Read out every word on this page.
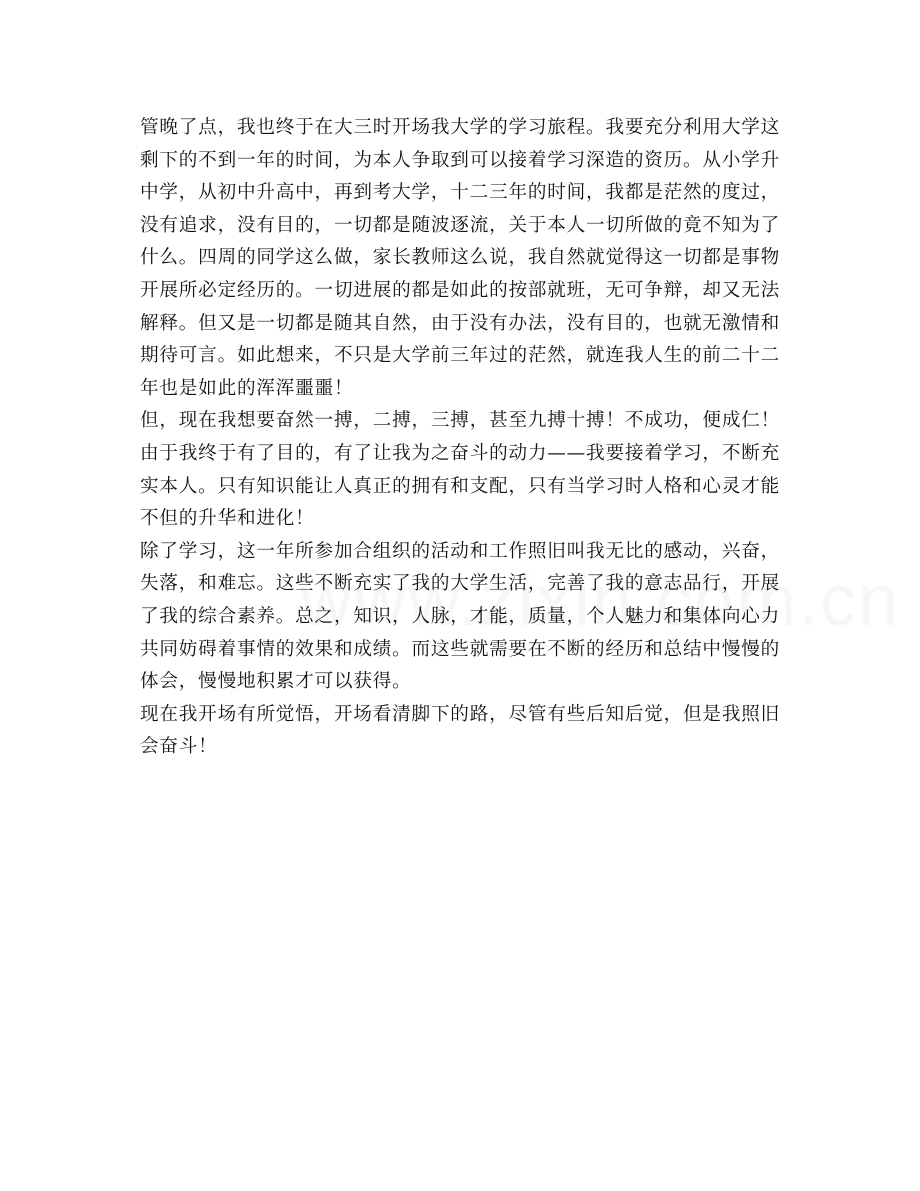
管晚了点，我也终于在大三时开场我大学的学习旅程。我要充分利用大学这剩下的不到一年的时间，为本人争取到可以接着学习深造的资历。从小学升中学，从初中升高中，再到考大学，十二三年的时间，我都是茫然的度过，没有追求，没有目的，一切都是随波逐流，关于本人一切所做的竟不知为了什么。四周的同学这么做，家长教师这么说，我自然就觉得这一切都是事物开展所必定经历的。一切进展的都是如此的按部就班，无可争辩，却又无法解释。但又是一切都是随其自然，由于没有办法，没有目的，也就无激情和期待可言。如此想来，不只是大学前三年过的茫然，就连我人生的前二十二年也是如此的浑浑噩噩！

但，现在我想要奋然一搏，二搏，三搏，甚至九搏十搏！不成功，便成仁！由于我终于有了目的，有了让我为之奋斗的动力——我要接着学习，不断充实本人。只有知识能让人真正的拥有和支配，只有当学习时人格和心灵才能不但的升华和进化！

除了学习，这一年所参加合组织的活动和工作照旧叫我无比的感动，兴奋，失落，和难忘。这些不断充实了我的大学生活，完善了我的意志品行，开展了我的综合素养。总之，知识，人脉，才能，质量，个人魅力和集体向心力共同妨碍着事情的效果和成绩。而这些就需要在不断的经历和总结中慢慢的体会，慢慢地积累才可以获得。

现在我开场有所觉悟，开场看清脚下的路，尽管有些后知后觉，但是我照旧会奋斗！
